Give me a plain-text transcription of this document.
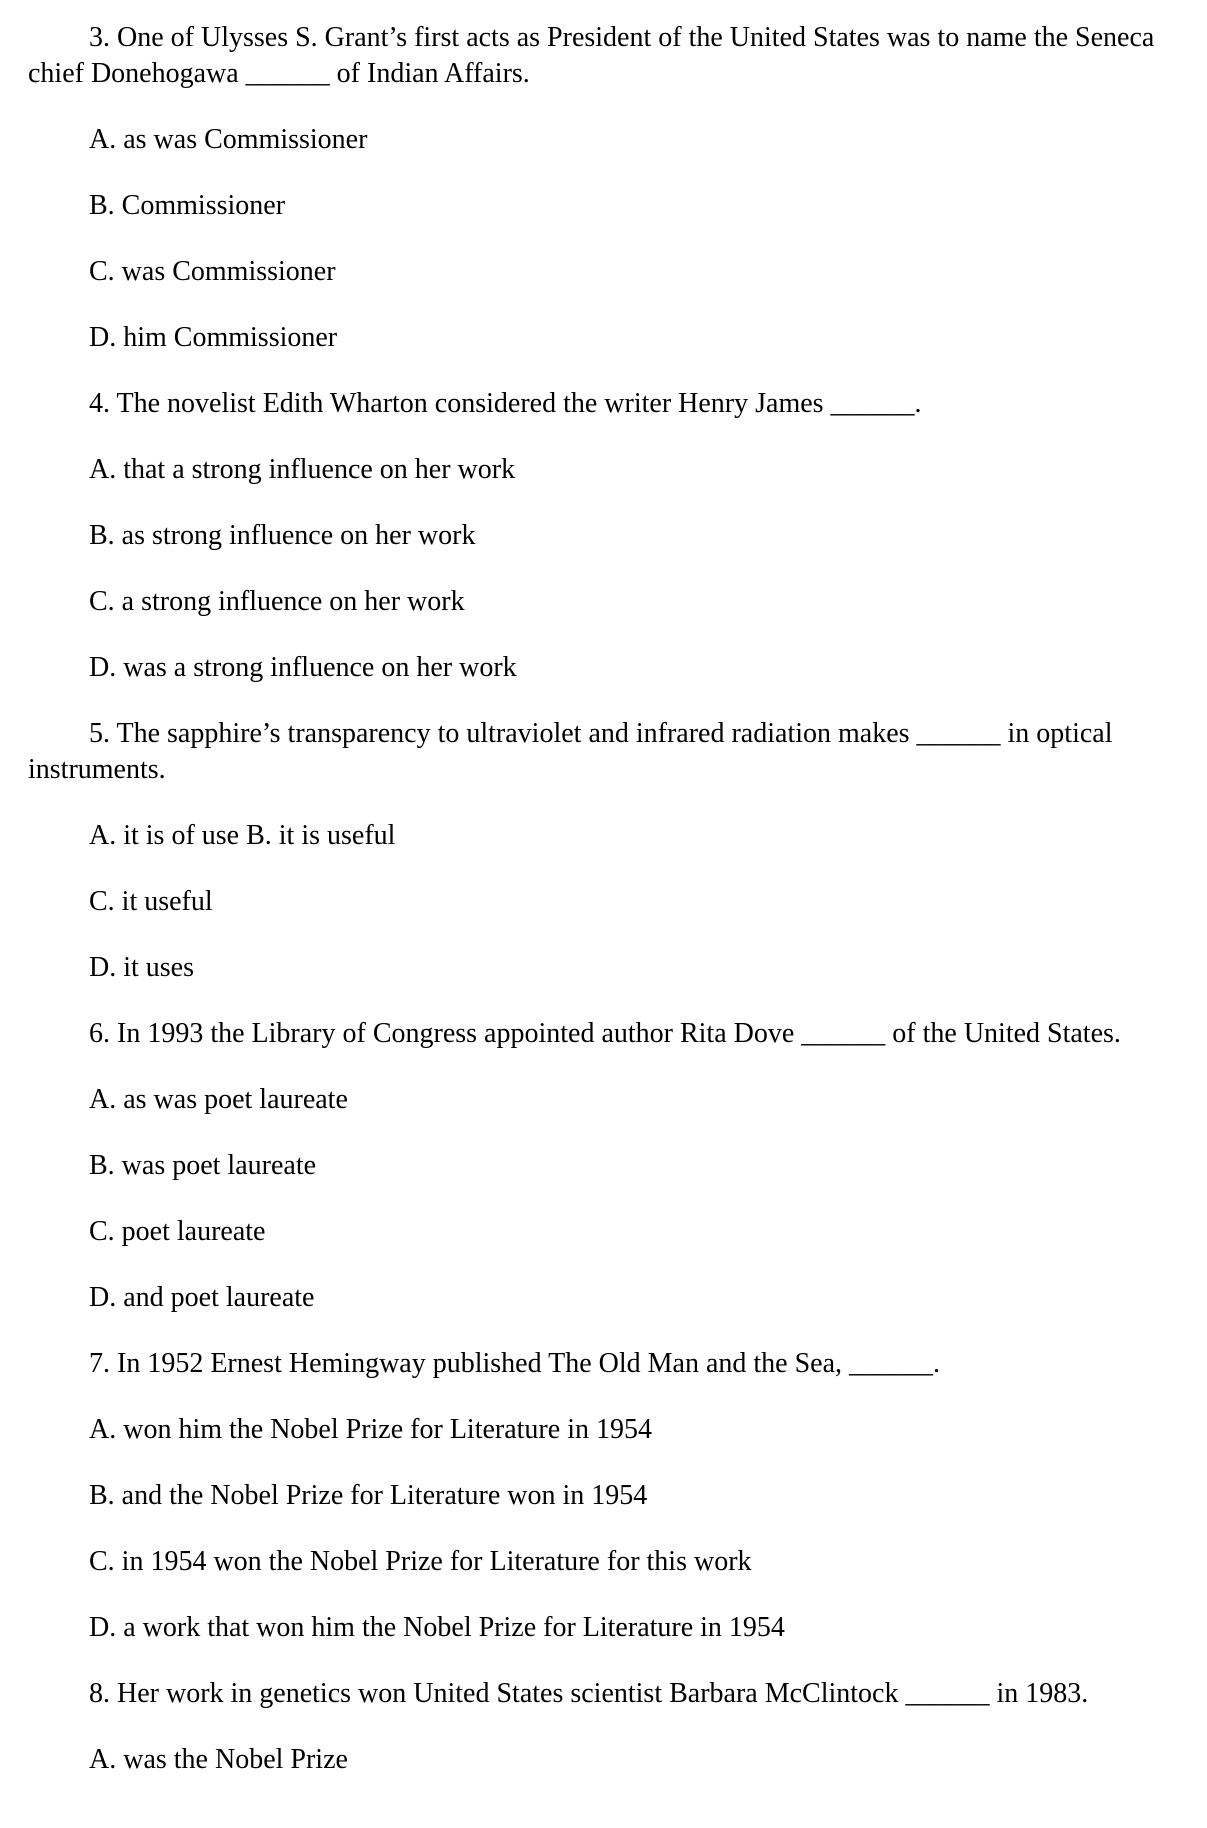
3. One of Ulysses S. Grant’s first acts as President of the United States was to name the Seneca chief Donehogawa ______ of Indian Affairs.

A. as was Commissioner

B. Commissioner

C. was Commissioner

D. him Commissioner

4. The novelist Edith Wharton considered the writer Henry James ______.

A. that a strong influence on her work

B. as strong influence on her work

C. a strong influence on her work

D. was a strong influence on her work

5. The sapphire’s transparency to ultraviolet and infrared radiation makes ______ in optical instruments.

A. it is of use B. it is useful

C. it useful

D. it uses

6. In 1993 the Library of Congress appointed author Rita Dove ______ of the United States.

A. as was poet laureate

B. was poet laureate

C. poet laureate

D. and poet laureate

7. In 1952 Ernest Hemingway published The Old Man and the Sea, ______.

A. won him the Nobel Prize for Literature in 1954

B. and the Nobel Prize for Literature won in 1954

C. in 1954 won the Nobel Prize for Literature for this work

D. a work that won him the Nobel Prize for Literature in 1954

8. Her work in genetics won United States scientist Barbara McClintock ______ in 1983.

A. was the Nobel Prize
